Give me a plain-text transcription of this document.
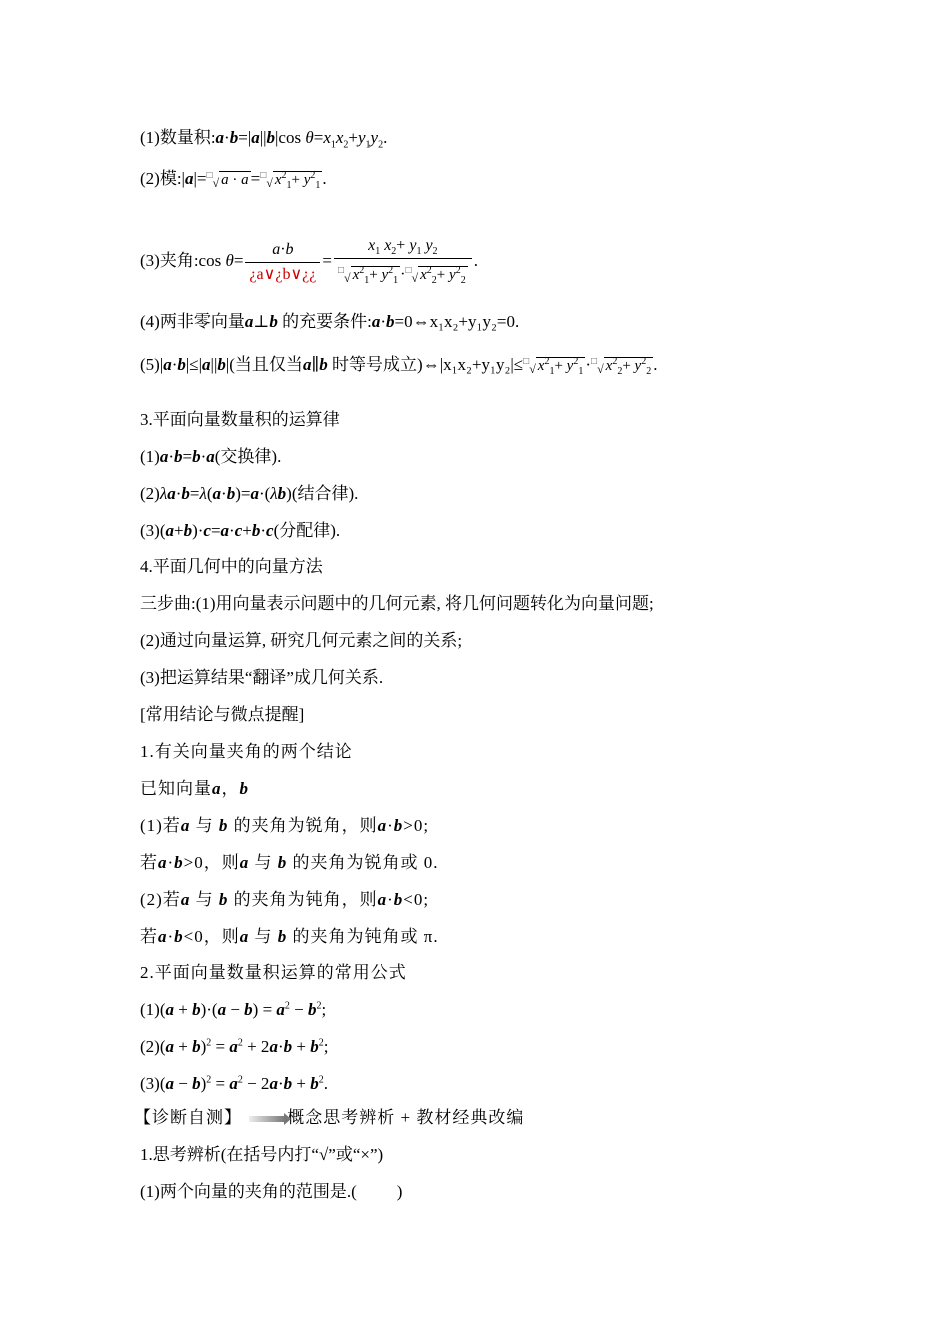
(1)数量积:a·b=|a||b|cos $\theta=x_1x_2+y_1y_2$.
(2)模:|a|=□√ a · a =□√ $x^2_1+ y^2_1$ .
(3)夹角:cos $\theta= \frac{a\cdot b}{¿a\vee¿b\vee¿¿} = \frac{x_1 x_2+ y_1 y_2}{^□√ x^2_1+ y^2_1 \cdot^□√ x^2_2+ y^2_2}$ .
(4)两非零向量a⊥b 的充要条件:a·b=0⇔x₁x₂+y₁y₂=0.
(5)|a·b|≤|a||b|(当且仅当a∥b 时等号成立)⇔|x₁x₂+y₁y₂|≤□√ $x^2_1+ y^2_1 \cdot^□√$ $x^2_2+ y^2_2$ .
3.平面向量数量积的运算律
(1)a·b=b·a(交换律).
(2)λa·b=λ(a·b)=a·(λb)(结合律).
(3)(a+b)·c=a·c+b·c(分配律).
4.平面几何中的向量方法
三步曲:(1)用向量表示问题中的几何元素, 将几何问题转化为向量问题;
(2)通过向量运算, 研究几何元素之间的关系;
(3)把运算结果“翻译”成几何关系.
[常用结论与微点提醒]
1.有关向量夹角的两个结论
已知向量a，b
(1)若a 与 b 的夹角为锐角，则a·b>0;
若a·b>0，则a 与 b 的夹角为锐角或 0.
(2)若a 与 b 的夹角为钝角，则a·b<0;
若a·b<0，则a 与 b 的夹角为钝角或 π.
2.平面向量数量积运算的常用公式
$(1)(a + b)\cdot(a - b) = a^2 - b^2$;
$(2)(a + b)^2 = a^2 + 2a\cdot b + b^2$;
$(3)(a - b)^2 = a^2 - 2a\cdot b + b^2$.
【诊断自测】	概念思考辨析 + 教材经典改编
1.思考辨析(在括号内打“√”或“×”)
(1)两个向量的夹角的范围是.( )
